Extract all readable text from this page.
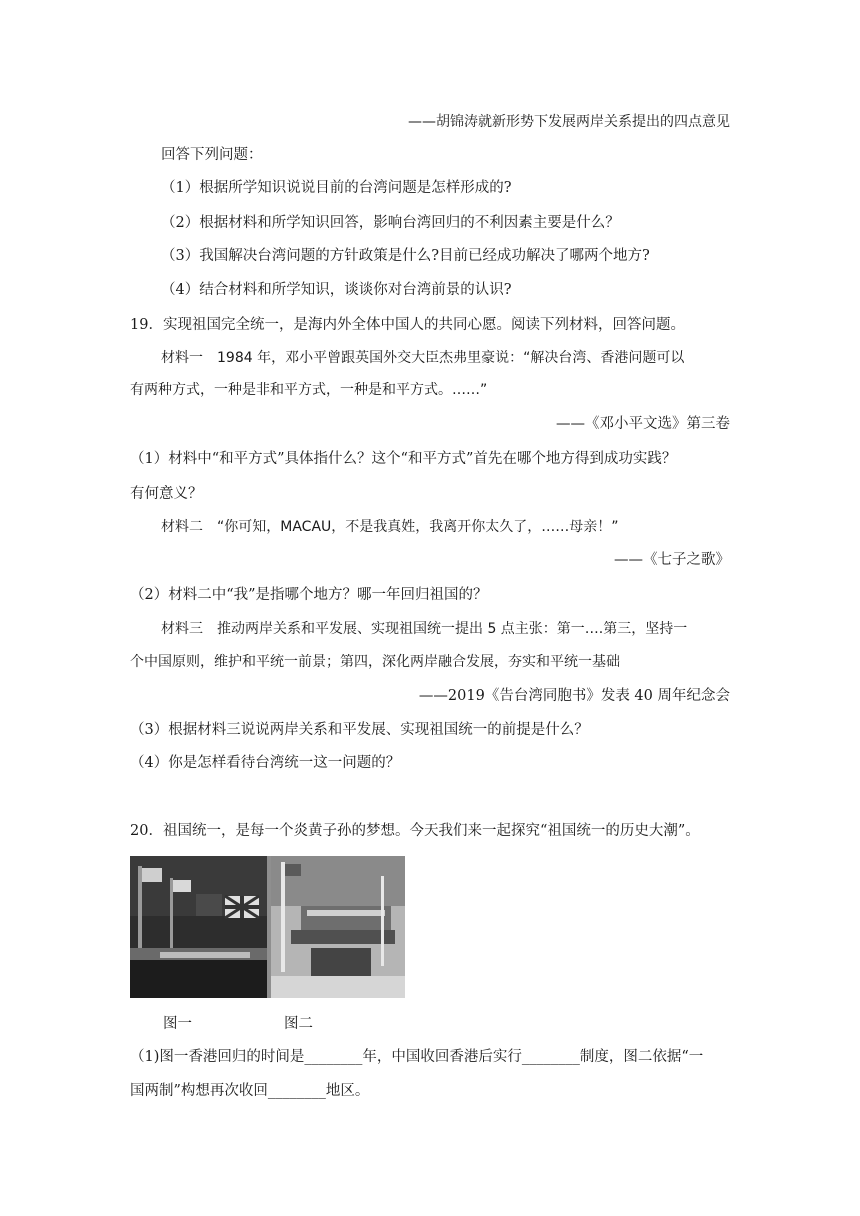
——胡锦涛就新形势下发展两岸关系提出的四点意见
回答下列问题：
（1）根据所学知识说说目前的台湾问题是怎样形成的?
（2）根据材料和所学知识回答，影响台湾回归的不利因素主要是什么？
（3）我国解决台湾问题的方针政策是什么?目前已经成功解决了哪两个地方?
（4）结合材料和所学知识，谈谈你对台湾前景的认识?
19．实现祖国完全统一，是海内外全体中国人的共同心愿。阅读下列材料，回答问题。
材料一　1984 年，邓小平曾跟英国外交大臣杰弗里豪说：“解决台湾、香港问题可以
有两种方式，一种是非和平方式，一种是和平方式。……”
——《邓小平文选》第三卷
（1）材料中“和平方式”具体指什么？这个“和平方式”首先在哪个地方得到成功实践？
有何意义？
材料二　“你可知，MACAU，不是我真姓，我离开你太久了，……母亲！”
——《七子之歌》
（2）材料二中“我”是指哪个地方？哪一年回归祖国的？
材料三　推动两岸关系和平发展、实现祖国统一提出 5 点主张：第一….第三，坚持一
个中国原则，维护和平统一前景；第四，深化两岸融合发展，夯实和平统一基础
——2019《告台湾同胞书》发表 40 周年纪念会
（3）根据材料三说说两岸关系和平发展、实现祖国统一的前提是什么？
（4）你是怎样看待台湾统一这一问题的？
20．祖国统一，是每一个炎黄子孙的梦想。今天我们来一起探究“祖国统一的历史大潮”。
图一	图二
（1)图一香港回归的时间是________年，中国收回香港后实行________制度，图二依据“一
国两制”构想再次收回________地区。
